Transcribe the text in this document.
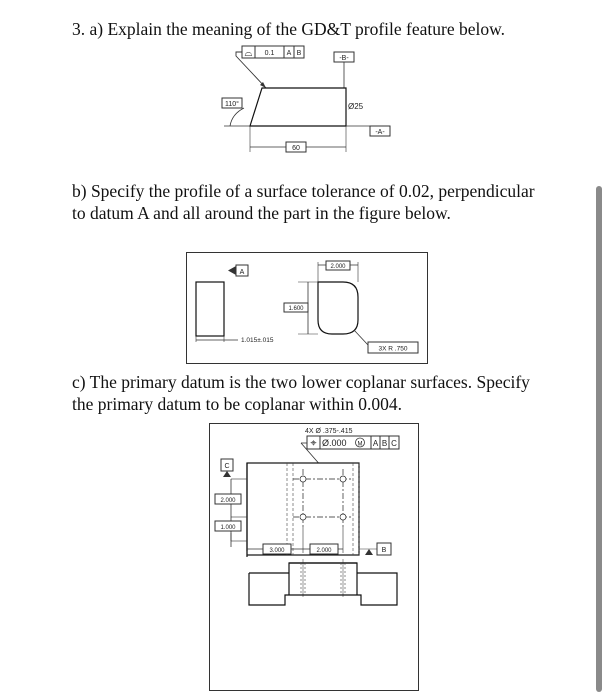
3. a) Explain the meaning of the GD&T profile feature below.

⌓ 0.1 A B
-B-
110°	Ø25
-A-
60

b) Specify the profile of a surface tolerance of 0.02, perpendicular to datum A and all around the part in the figure below.

A
2.000
1.600
1.015±.015
3X R .750

c) The primary datum is the two lower coplanar surfaces. Specify the primary datum to be coplanar within 0.004.

4X Ø .375-.415
⌖ Ø.000 M A B C
C
2.000
1.000
3.000	2.000	B
